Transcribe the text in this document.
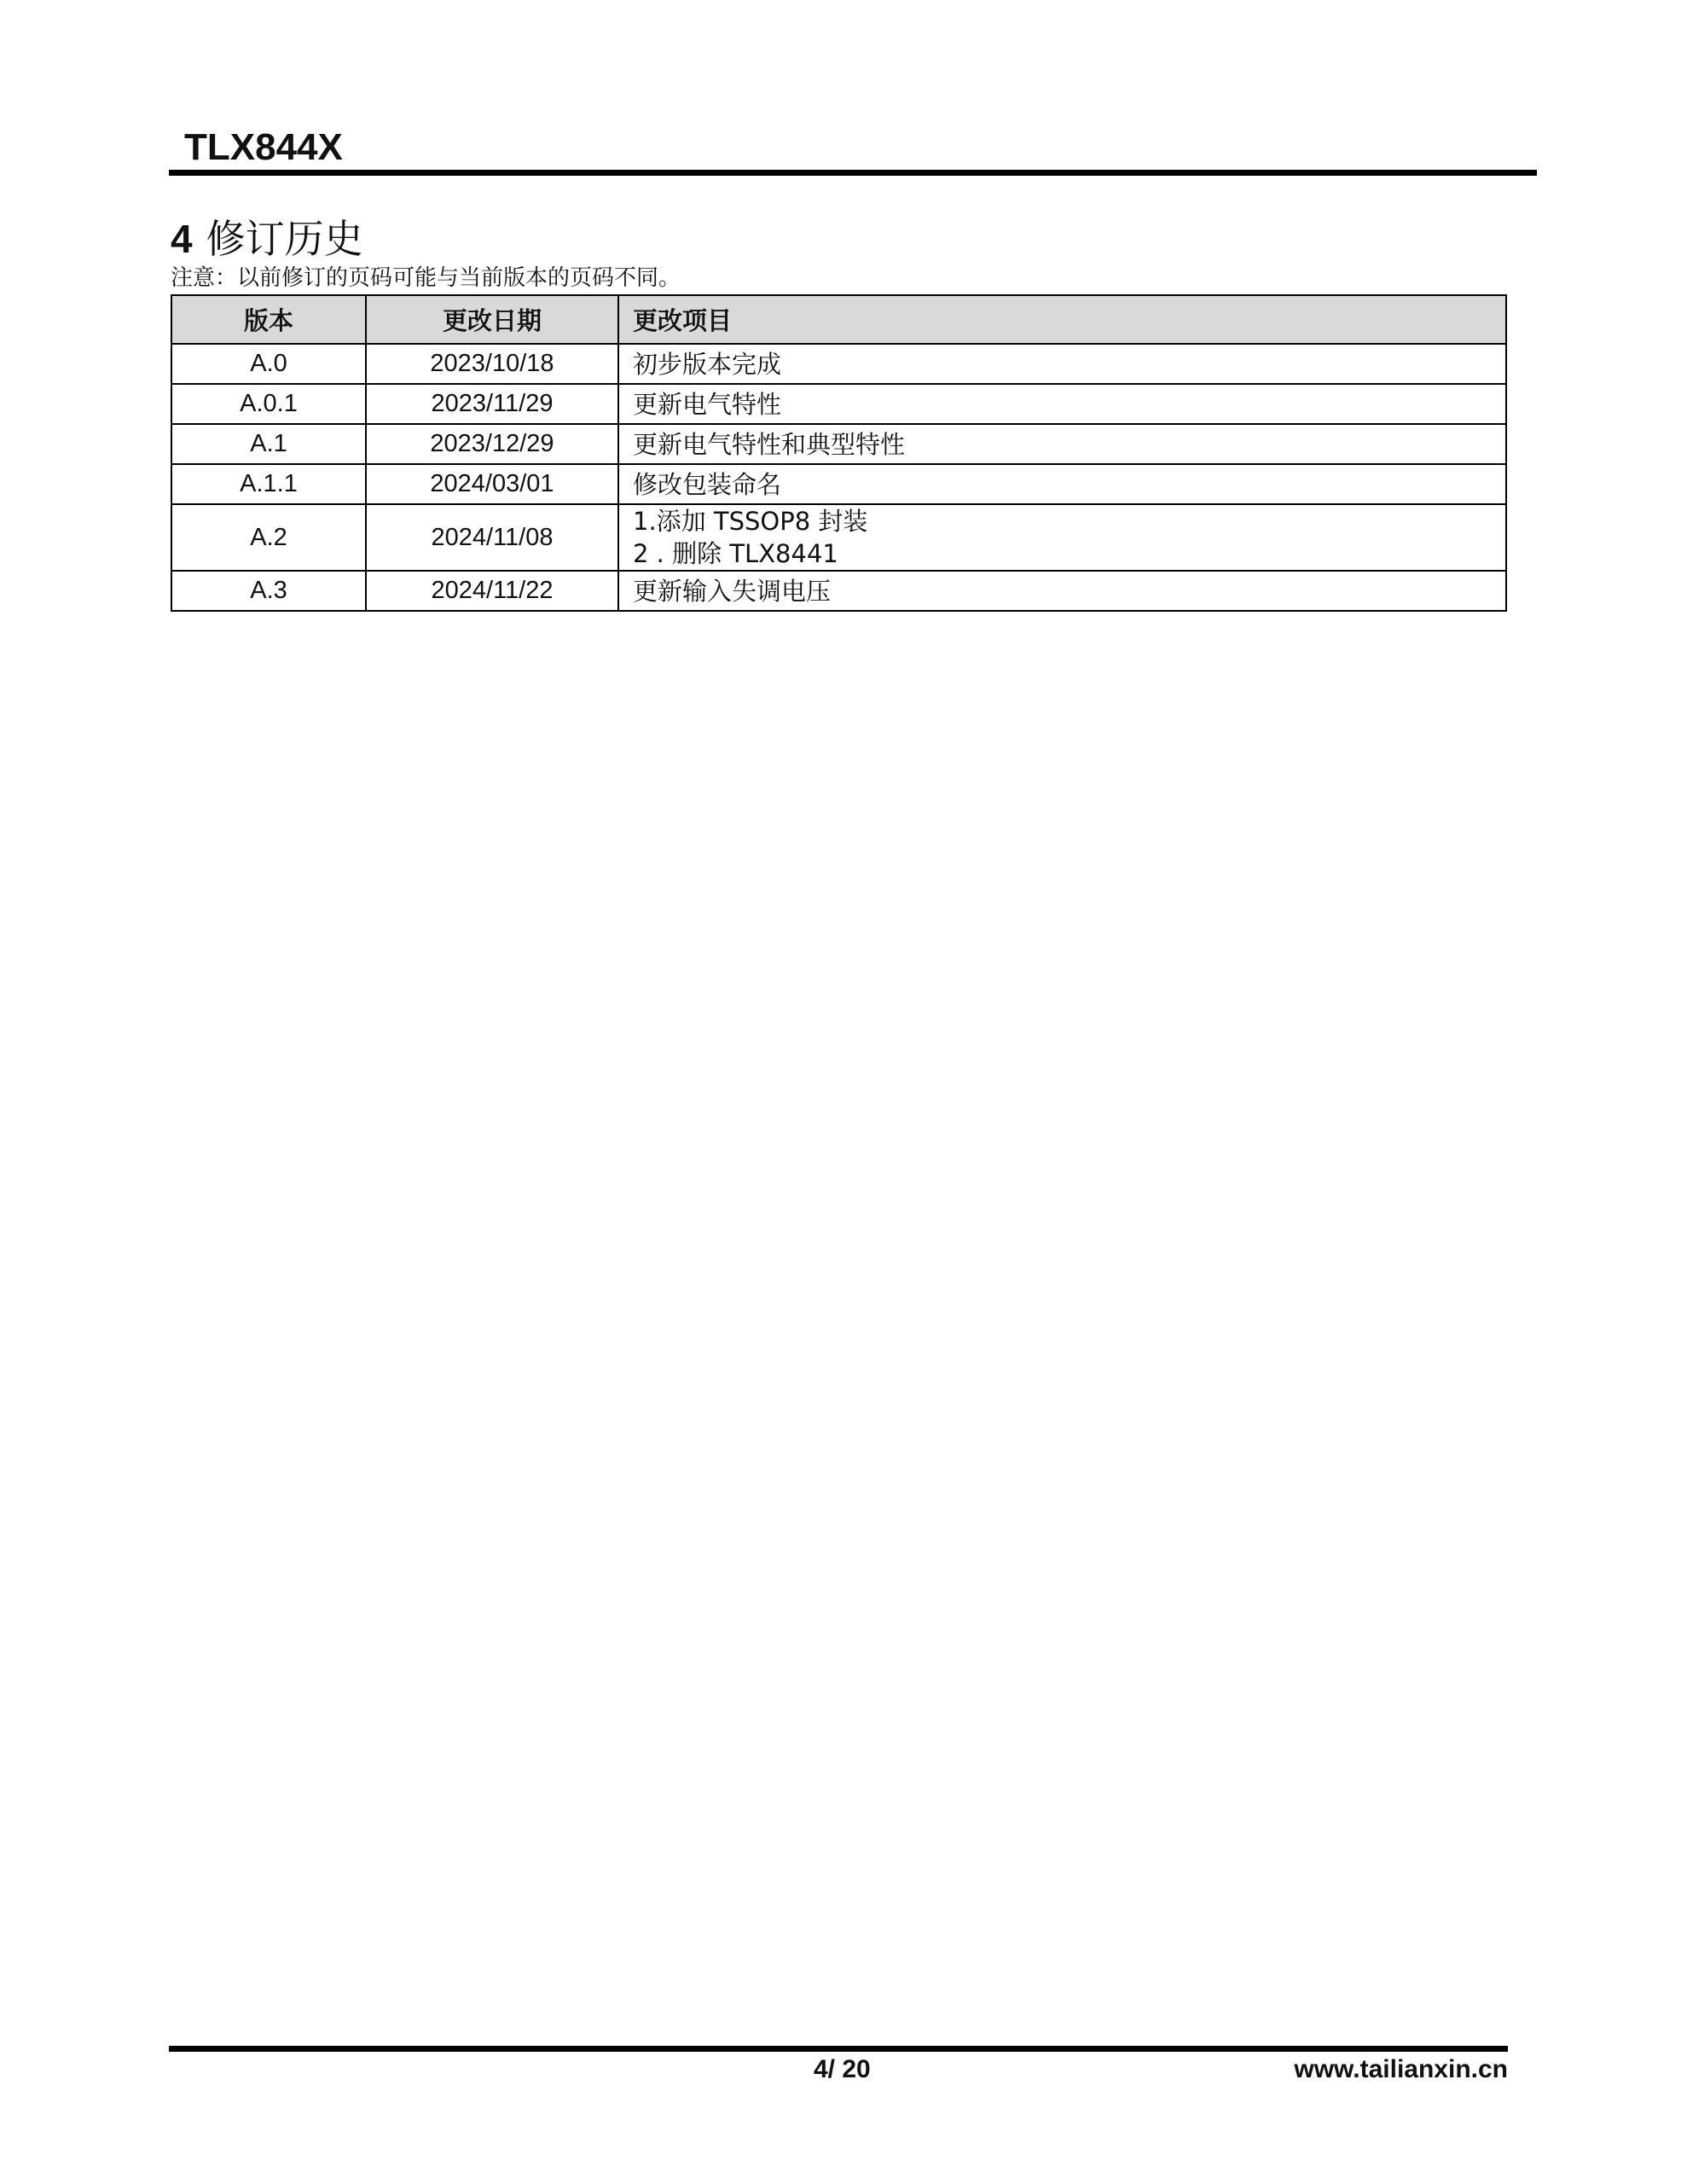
TLX844X
4 修订历史
注意：以前修订的页码可能与当前版本的页码不同。
版本	更改日期	更改项目
A.0	2023/10/18	初步版本完成

A.0.1	2023/11/29	更新电气特性

A.1	2023/12/29	更新电气特性和典型特性

A.1.1	2024/03/01	修改包装命名

A.2	2024/11/08	1.添加 TSSOP8 封装
2 . 删除 TLX8441

A.3	2024/11/22	更新输入失调电压
4/ 20	www.tailianxin.cn
